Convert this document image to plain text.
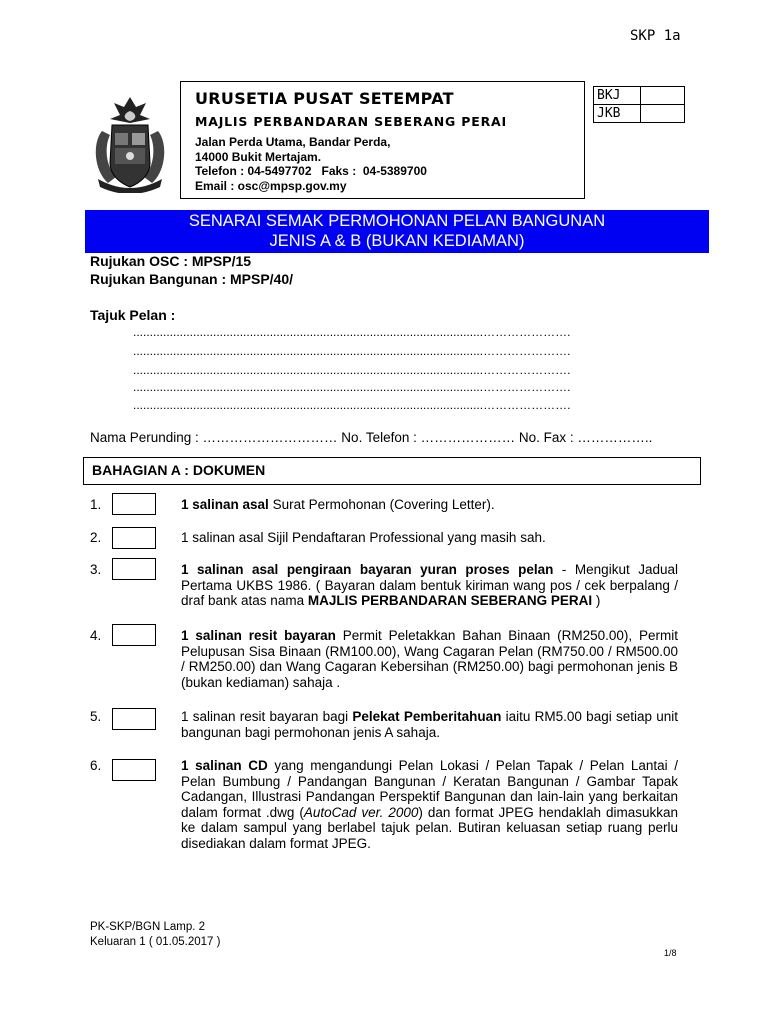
SKP 1a
URUSETIA PUSAT SETEMPAT
MAJLIS PERBANDARAN SEBERANG PERAI
Jalan Perda Utama, Bandar Perda,
14000 Bukit Mertajam.
Telefon : 04-5497702   Faks :  04-5389700
Email : osc@mpsp.gov.my
BKJ	
JKB	
SENARAI SEMAK PERMOHONAN PELAN BANGUNAN
JENIS A & B (BUKAN KEDIAMAN)
Rujukan OSC : MPSP/15
Rujukan Bangunan : MPSP/40/
Tajuk Pelan :
.........................................................................................................………………….
.........................................................................................................………………….
.........................................................................................................………………….
.........................................................................................................………………….
.........................................................................................................………………….
Nama Perunding : ………………………… No. Telefon : ………………… No. Fax : ……………..
BAHAGIAN A : DOKUMEN
1.	1 salinan asal Surat Permohonan (Covering Letter).
2.	1 salinan asal Sijil Pendaftaran Professional yang masih sah.
3.	1 salinan asal pengiraan bayaran yuran proses pelan - Mengikut Jadual Pertama UKBS 1986. ( Bayaran dalam bentuk kiriman wang pos / cek berpalang / draf bank atas nama MAJLIS PERBANDARAN SEBERANG PERAI )
4.	1 salinan resit bayaran Permit Peletakkan Bahan Binaan (RM250.00), Permit Pelupusan Sisa Binaan (RM100.00), Wang Cagaran Pelan (RM750.00 / RM500.00 / RM250.00) dan Wang Cagaran Kebersihan (RM250.00) bagi permohonan jenis B (bukan kediaman) sahaja .
5.	1 salinan resit bayaran bagi Pelekat Pemberitahuan iaitu RM5.00 bagi setiap unit bangunan bagi permohonan jenis A sahaja.
6.	1 salinan CD yang mengandungi Pelan Lokasi / Pelan Tapak / Pelan Lantai / Pelan Bumbung / Pandangan Bangunan / Keratan Bangunan / Gambar Tapak Cadangan, Illustrasi Pandangan Perspektif Bangunan dan lain-lain yang berkaitan dalam format .dwg (AutoCad ver. 2000) dan format JPEG hendaklah dimasukkan ke dalam sampul yang berlabel tajuk pelan. Butiran keluasan setiap ruang perlu disediakan dalam format JPEG.
PK-SKP/BGN Lamp. 2
Keluaran 1 ( 01.05.2017 )
1/8
